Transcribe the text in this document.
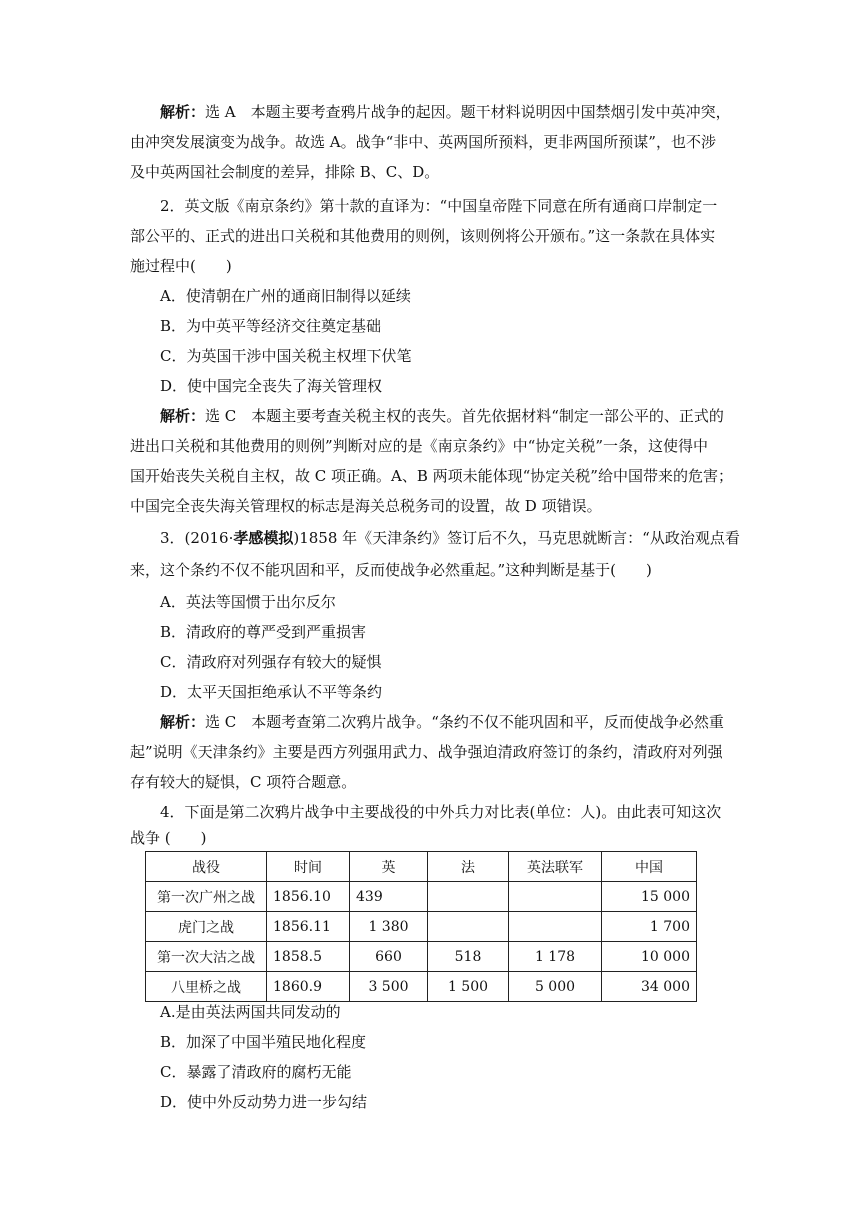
解析：选 A　本题主要考查鸦片战争的起因。题干材料说明因中国禁烟引发中英冲突，
由冲突发展演变为战争。故选 A。战争“非中、英两国所预料，更非两国所预谋”，也不涉
及中英两国社会制度的差异，排除 B、C、D。
2．英文版《南京条约》第十款的直译为：“中国皇帝陛下同意在所有通商口岸制定一
部公平的、正式的进出口关税和其他费用的则例，该则例将公开颁布。”这一条款在具体实
施过程中(　　)
A．使清朝在广州的通商旧制得以延续
B．为中英平等经济交往奠定基础
C．为英国干涉中国关税主权埋下伏笔
D．使中国完全丧失了海关管理权
解析：选 C　本题主要考查关税主权的丧失。首先依据材料“制定一部公平的、正式的
进出口关税和其他费用的则例”判断对应的是《南京条约》中“协定关税”一条，这使得中
国开始丧失关税自主权，故 C 项正确。A、B 两项未能体现“协定关税”给中国带来的危害；
中国完全丧失海关管理权的标志是海关总税务司的设置，故 D 项错误。
3．(2016·孝感模拟)1858 年《天津条约》签订后不久，马克思就断言：“从政治观点看
来，这个条约不仅不能巩固和平，反而使战争必然重起。”这种判断是基于(　　)
A．英法等国惯于出尔反尔
B．清政府的尊严受到严重损害
C．清政府对列强存有较大的疑惧
D．太平天国拒绝承认不平等条约
解析：选 C　本题考查第二次鸦片战争。“条约不仅不能巩固和平，反而使战争必然重
起”说明《天津条约》主要是西方列强用武力、战争强迫清政府签订的条约，清政府对列强
存有较大的疑惧，C 项符合题意。
4．下面是第二次鸦片战争中主要战役的中外兵力对比表(单位：人)。由此表可知这次
战争 (　　)
战役	时间	英	法	英法联军	中国
第一次广州之战	1856.10	439			15 000
虎门之战	1856.11	1 380			1 700
第一次大沽之战	1858.5	660	518	1 178	10 000
八里桥之战	1860.9	3 500	1 500	5 000	34 000
A.是由英法两国共同发动的
B．加深了中国半殖民地化程度
C．暴露了清政府的腐朽无能
D．使中外反动势力进一步勾结
